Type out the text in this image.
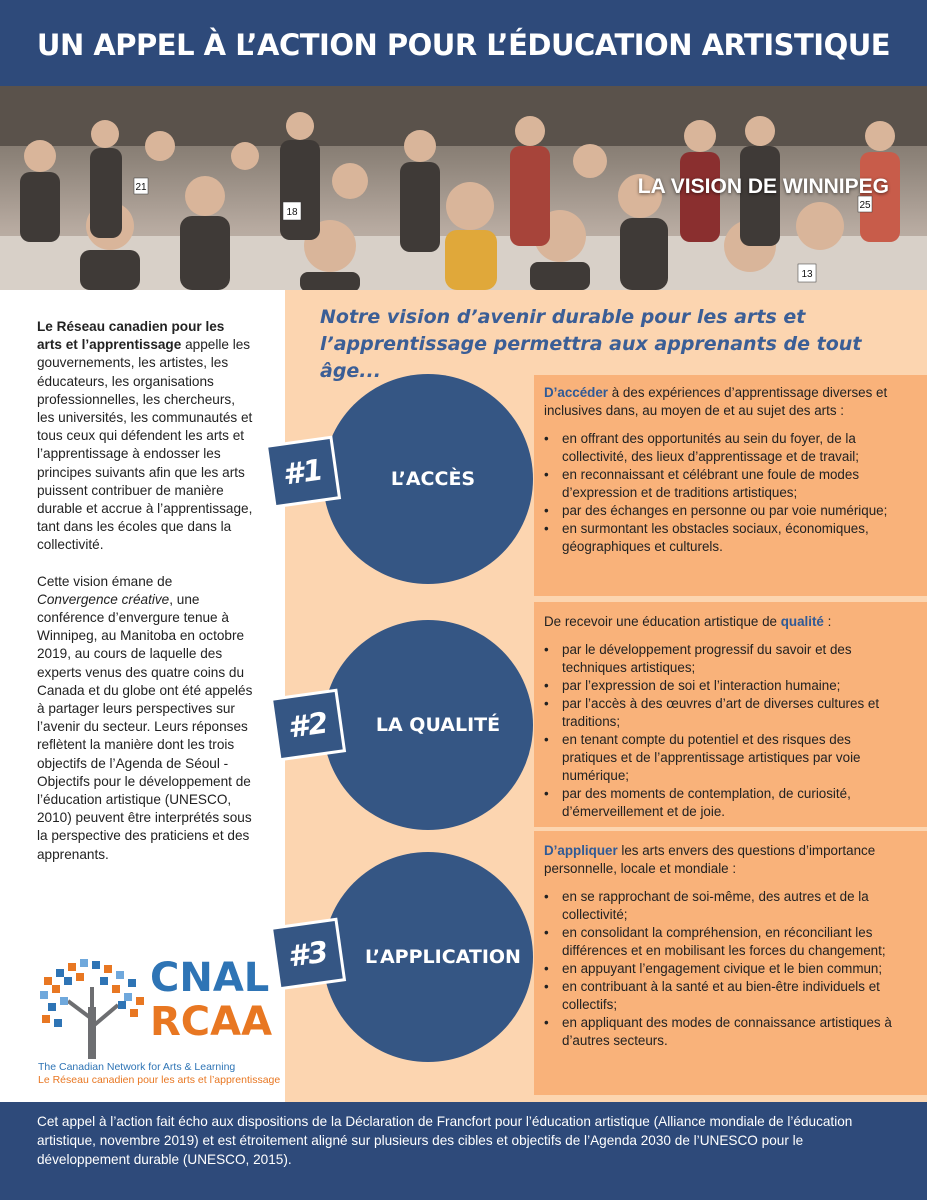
UN APPEL À L’ACTION POUR L’ÉDUCATION ARTISTIQUE
21
18
13
25
LA VISION DE WINNIPEG

Le Réseau canadien pour les arts et l’apprentissage appelle les gouvernements, les artistes, les éducateurs, les organisations professionnelles, les chercheurs, les universités, les communautés et tous ceux qui défendent les arts et l’apprentissage à endosser les principes suivants afin que les arts puissent contribuer de manière durable et accrue à l’apprentissage, tant dans les écoles que dans la collectivité.

Cette vision émane de Convergence créative, une conférence d’envergure tenue à Winnipeg, au Manitoba en octobre 2019, au cours de laquelle des experts venus des quatre coins du Canada et du globe ont été appelés à partager leurs perspectives sur l’avenir du secteur. Leurs réponses reflètent la manière dont les trois objectifs de l’Agenda de Séoul - Objectifs pour le développement de l’éducation artistique (UNESCO, 2010) peuvent être interprétés sous la perspective des praticiens et des apprenants.

Notre vision d’avenir durable pour les arts et l’apprentissage permettra aux apprenants de tout âge...
L’ACCÈS
LA QUALITÉ
L’APPLICATION
#1
#2
#3
D’accéder à des expériences d’apprentissage diverses et inclusives dans, au moyen de et au sujet des arts :
• en offrant des opportunités au sein du foyer, de la collectivité, des lieux d’apprentissage et de travail;
• en reconnaissant et célébrant une foule de modes d’expression et de traditions artistiques;
• par des échanges en personne ou par voie numérique;
• en surmontant les obstacles sociaux, économiques, géographiques et culturels.
De recevoir une éducation artistique de qualité :
• par le développement progressif du savoir et des techniques artistiques;
• par l’expression de soi et l’interaction humaine;
• par l’accès à des œuvres d’art de diverses cultures et traditions;
• en tenant compte du potentiel et des risques des pratiques et de l’apprentissage artistiques par voie numérique;
• par des moments de contemplation, de curiosité, d’émerveillement et de joie.
D’appliquer les arts envers des questions d’importance personnelle, locale et mondiale :
• en se rapprochant de soi-même, des autres et de la collectivité;
• en consolidant la compréhension, en réconciliant les différences et en mobilisant les forces du changement;
• en appuyant l’engagement civique et le bien commun;
• en contribuant à la santé et au bien-être individuels et collectifs;
• en appliquant des modes de connaissance artistiques à d’autres secteurs.
CNAL
RCAA
The Canadian Network for Arts & Learning
Le Réseau canadien pour les arts et l’apprentissage

Cet appel à l’action fait écho aux dispositions de la Déclaration de Francfort pour l’éducation artistique (Alliance mondiale de l’éducation artistique, novembre 2019) et est étroitement aligné sur plusieurs des cibles et objectifs de l’Agenda 2030 de l’UNESCO pour le développement durable (UNESCO, 2015).
